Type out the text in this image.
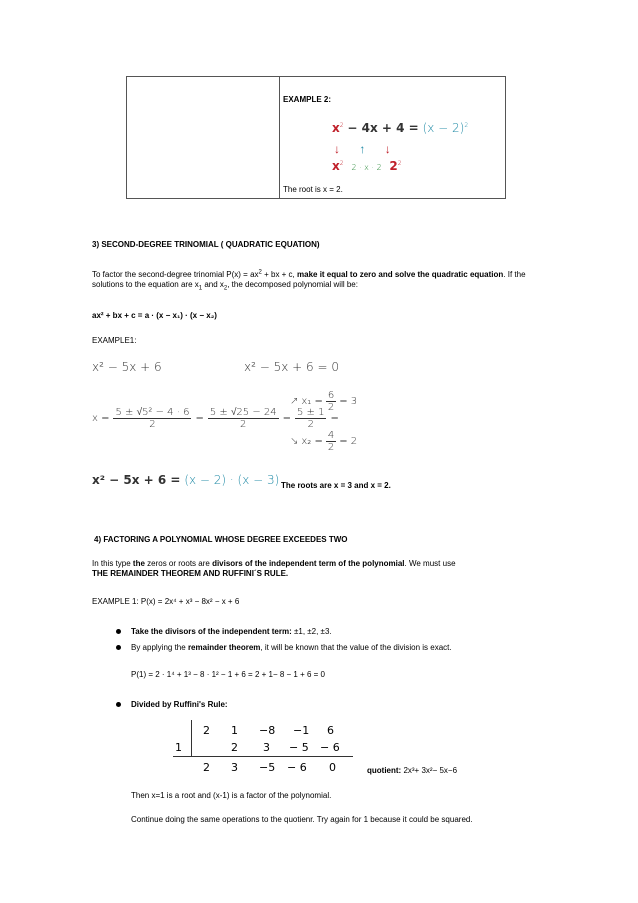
EXAMPLE 2:
$x^2 - 4x + 4 = (x - 2)^2$
↓ ↑ ↓
$x^2$ 2 · x · 2 $2^2$
The root is x = 2.
3) SECOND-DEGREE TRINOMIAL ( QUADRATIC EQUATION)
To factor the second-degree trinomial $P(x) = ax^2$ + bx + c, make it equal to zero and solve the quadratic equation. If the solutions to the equation are $x_1$ and $x_2$, the decomposed polynomial will be:
ax² + bx + c = a · (x − x₁) · (x − x₂)
EXAMPLE1:
x² − 5x + 6	x² − 5x + 6 = 0
$x = \frac{\text{5 ± √5² − 4 · 6}}{2} = \frac{5 \pm √25 - 24}{2} = \frac{5 \pm 1}{2}$ =
↗ $x_1 = \frac{6}{2} = 3$
↘ $x_2 = \frac{4}{2} = 2$
x² − 5x + 6 = (x − 2) · (x − 3) The roots are x = 3 and x = 2.
4) FACTORING A POLYNOMIAL WHOSE DEGREE EXCEEDES TWO
In this type the zeros or roots are divisors of the independent term of the polynomial. We must use
THE REMAINDER THEOREM AND RUFFINI´S RULE.
EXAMPLE 1: P(x) = 2x⁴ + x³ − 8x² − x + 6
Take the divisors of the independent term: ±1, ±2, ±3.
By applying the remainder theorem, it will be known that the value of the division is exact.
P(1) = 2 · 1⁴ + 1³ − 8 · 1² − 1 + 6 = 2 + 1− 8 − 1 + 6 = 0
Divided by Ruffini's Rule:
2 1 −8 −1 6
1	2 3 − 5 − 6
2 3 −5 − 6 0	quotient: 2x³+ 3x²− 5x−6
Then x=1 is a root and (x-1) is a factor of the polynomial.
Continue doing the same operations to the quotienr. Try again for 1 because it could be squared.
